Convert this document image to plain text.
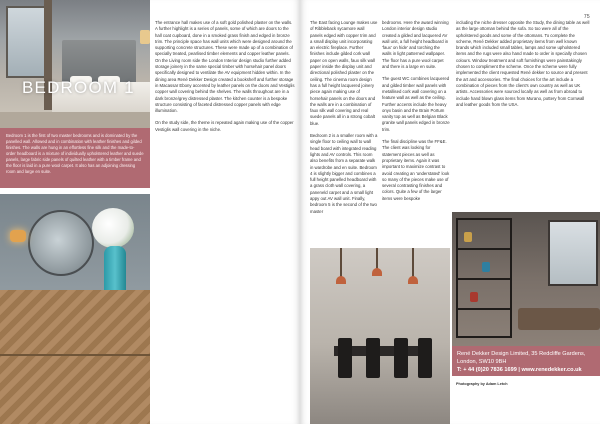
BEDROOM 1

Bedroom 1 is the first of two master bedrooms and is dominated by the panelled wall. Allowed and in combination with leather finishes and gilded finishes. The walls are hung in an effortless fine silk and the made-to-order headboard is a mixture of individually upholstered leather and suede panels, large fabric side panels of quilted leather with a timber frame and the floor is laid in a pure wool carpet. It also has an adjoining dressing room and large en suite.

The entrance hall makes use of a soft gold polished plaster on the walls. A further highlight is a series of panels, some of which are doors to the hall coat cupboard, done in a smoked grass finish and edged in bronze trim. The principle space has wall units which were designed around the supporting concrete structures. These were made up of a combination of specially treated, pearlised timber elements and copper leather panels. On the Living room side the London Interior design studio further added storage joinery in the same special timber with horsehair panel doors specifically designed to ventilate the AV equipment hidden within. In the dining area René Dekker Design created a bookshelf and further storage in Macassar Ebony accented by leather panels on the doors and Vestiglis copper wall covering behind the shelves. The walls throughout are in a dark bronze/grey distressed plaster. The kitchen counter is a bespoke structure consisting of faceted distressed copper panels with edge illumination.

On the study side, the theme is repeated again making use of the copper Vestiglis wall covering in the niche.

75

The East facing Lounge makes use of Ribbleback sycamore wall panels edged with copper trim and a small display unit incorporating an electric fireplace. Further finishes include gilded cork wall paper on open walls, faux silk wall paper inside the display unit and directional polished plaster on the ceiling. The cinema room design has a full height lacquered joinery piece again making use of horsehair panels on the doors and the walls are in a combination of faux silk wall covering and real suede panels all in a strong cobalt blue.

Bedroom 2 is a smaller room with a single floor to ceiling wall to wall head board with integrated reading lights and AV controls. This room also benefits from a separate walk in wardrobe and en suite. Bedroom 4 is slightly bigger and combines a full height panelled headboard with a grass cloth wall covering, a paneneld carpet and a small light appy out AV wall unit. Finally, bedroom 5 is the second of the two master

bedrooms. Here the award winning London interior design studio created a gilded and lacquered AV wall unit, a full height headboard in 'faux' on hide' and torching the walls in light patterned wallpaper. The floor has a pure wool carpet and there is a large en suite.

The guest WC combines lacquered and gilded timber wall panels with metallised cork wall covering on a feature wall as well as the ceiling. Further accents include the heavy onyx basin and the Brain Portum vanity top as well as Belgian Black granite wall panels edged in bronze trim.

The final discipline was the FF&E. The client was looking for statement pieces as well as proprietary items. Again it was important to maximize contrast to avoid creating an 'understated' look so many of the pieces make use of several contrasting finishes and colors. Quite a few of the larger items were bespoke

including the niche dresser opposite the Study, the dining table as well as the large ottoman behind the sofa. So too were all of the upholstered goods and some of the ottomans. To complete the scheme, René Dekker added proprietary items from well known brands which included small tables, lamps and some upholstered items and the rugs were also hand made to order in specially chosen colours. Window treatment and soft furnishings were painstakingly chosen to compliment the scheme. Once the scheme were fully implemented the client requested René dekker to source and present the art and accessories. The final choices for the art include a combination of pieces from the client's own country as well as UK artists. Accessories were sourced locally as well as from abroad to include hand blown glass items from Murano, pottery from Cornwall and leather goods from the USA.

René Dekker Design Limited, 35 Redcliffe Gardens, London, SW10 9BH
T: + 44 (0)20 7836 1699 | www.renedekker.co.uk
Photography by Adam Letch
